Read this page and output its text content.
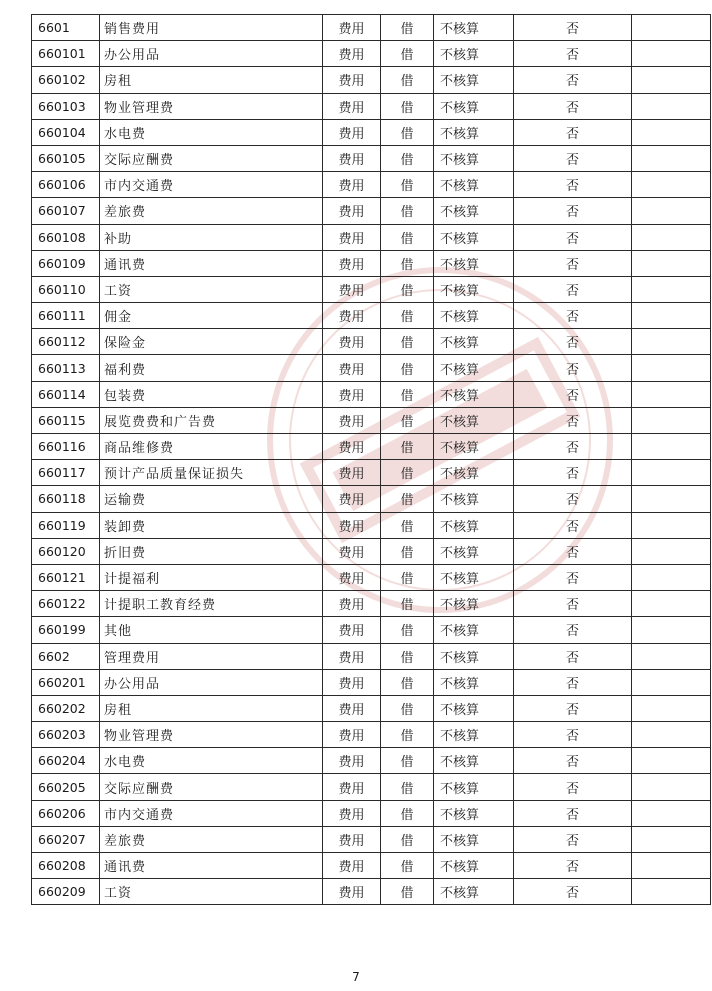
6601	销售费用	费用	借	不核算	否	
660101	办公用品	费用	借	不核算	否	
660102	房租	费用	借	不核算	否	
660103	物业管理费	费用	借	不核算	否	
660104	水电费	费用	借	不核算	否	
660105	交际应酬费	费用	借	不核算	否	
660106	市内交通费	费用	借	不核算	否	
660107	差旅费	费用	借	不核算	否	
660108	补助	费用	借	不核算	否	
660109	通讯费	费用	借	不核算	否	
660110	工资	费用	借	不核算	否	
660111	佣金	费用	借	不核算	否	
660112	保险金	费用	借	不核算	否	
660113	福利费	费用	借	不核算	否	
660114	包装费	费用	借	不核算	否	
660115	展览费费和广告费	费用	借	不核算	否	
660116	商品维修费	费用	借	不核算	否	
660117	预计产品质量保证损失	费用	借	不核算	否	
660118	运输费	费用	借	不核算	否	
660119	装卸费	费用	借	不核算	否	
660120	折旧费	费用	借	不核算	否	
660121	计提福利	费用	借	不核算	否	
660122	计提职工教育经费	费用	借	不核算	否	
660199	其他	费用	借	不核算	否	
6602	管理费用	费用	借	不核算	否	
660201	办公用品	费用	借	不核算	否	
660202	房租	费用	借	不核算	否	
660203	物业管理费	费用	借	不核算	否	
660204	水电费	费用	借	不核算	否	
660205	交际应酬费	费用	借	不核算	否	
660206	市内交通费	费用	借	不核算	否	
660207	差旅费	费用	借	不核算	否	
660208	通讯费	费用	借	不核算	否	
660209	工资	费用	借	不核算	否	
7
